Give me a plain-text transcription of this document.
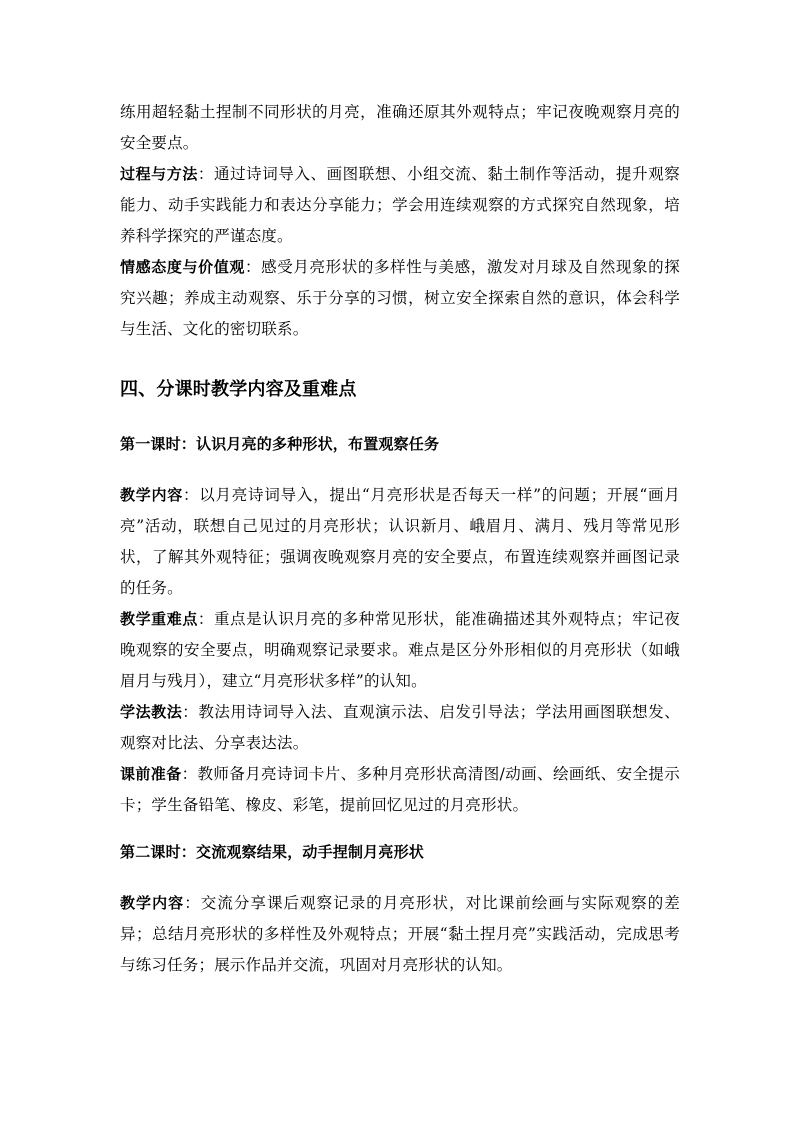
练用超轻黏土捏制不同形状的月亮，准确还原其外观特点；牢记夜晚观察月亮的安全要点。

过程与方法：通过诗词导入、画图联想、小组交流、黏土制作等活动，提升观察能力、动手实践能力和表达分享能力；学会用连续观察的方式探究自然现象，培养科学探究的严谨态度。

情感态度与价值观：感受月亮形状的多样性与美感，激发对月球及自然现象的探究兴趣；养成主动观察、乐于分享的习惯，树立安全探索自然的意识，体会科学与生活、文化的密切联系。

四、分课时教学内容及重难点
第一课时：认识月亮的多种形状，布置观察任务

教学内容：以月亮诗词导入，提出“月亮形状是否每天一样”的问题；开展“画月亮”活动，联想自己见过的月亮形状；认识新月、峨眉月、满月、残月等常见形状，了解其外观特征；强调夜晚观察月亮的安全要点，布置连续观察并画图记录的任务。

教学重难点：重点是认识月亮的多种常见形状，能准确描述其外观特点；牢记夜晚观察的安全要点，明确观察记录要求。难点是区分外形相似的月亮形状（如峨眉月与残月），建立“月亮形状多样”的认知。

学法教法：教法用诗词导入法、直观演示法、启发引导法；学法用画图联想发、观察对比法、分享表达法。

课前准备：教师备月亮诗词卡片、多种月亮形状高清图/动画、绘画纸、安全提示卡；学生备铅笔、橡皮、彩笔，提前回忆见过的月亮形状。

第二课时：交流观察结果，动手捏制月亮形状

教学内容：交流分享课后观察记录的月亮形状，对比课前绘画与实际观察的差异；总结月亮形状的多样性及外观特点；开展“黏土捏月亮”实践活动，完成思考与练习任务；展示作品并交流，巩固对月亮形状的认知。
